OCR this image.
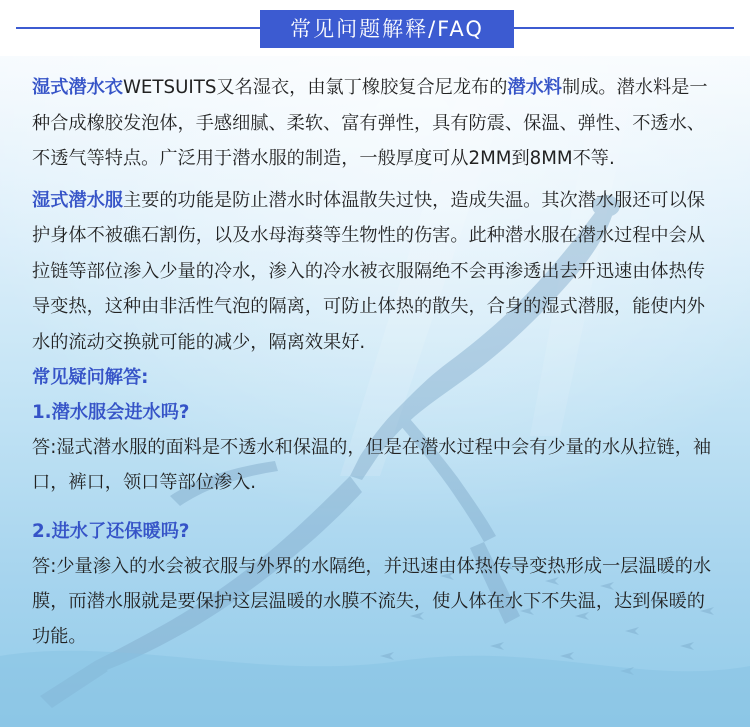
常见问题解释/FAQ

湿式潜水衣WETSUITS又名湿衣，由氯丁橡胶复合尼龙布的潜水料制成。潜水料是一种合成橡胶发泡体，手感细腻、柔软、富有弹性，具有防震、保温、弹性、不透水、不透气等特点。广泛用于潜水服的制造，一般厚度可从2MM到8MM不等.

湿式潜水服主要的功能是防止潜水时体温散失过快，造成失温。其次潜水服还可以保护身体不被礁石割伤，以及水母海葵等生物性的伤害。此种潜水服在潜水过程中会从拉链等部位渗入少量的冷水，渗入的冷水被衣服隔绝不会再渗透出去开迅速由体热传导变热，这种由非活性气泡的隔离，可防止体热的散失，合身的湿式潜服，能使内外水的流动交换就可能的减少，隔离效果好.

常见疑问解答:
1.潜水服会进水吗?

答:湿式潜水服的面料是不透水和保温的，但是在潜水过程中会有少量的水从拉链，袖口，裤口，领口等部位渗入.

2.进水了还保暖吗?

答:少量渗入的水会被衣服与外界的水隔绝，并迅速由体热传导变热形成一层温暖的水膜，而潜水服就是要保护这层温暖的水膜不流失，使人体在水下不失温，达到保暖的功能。
